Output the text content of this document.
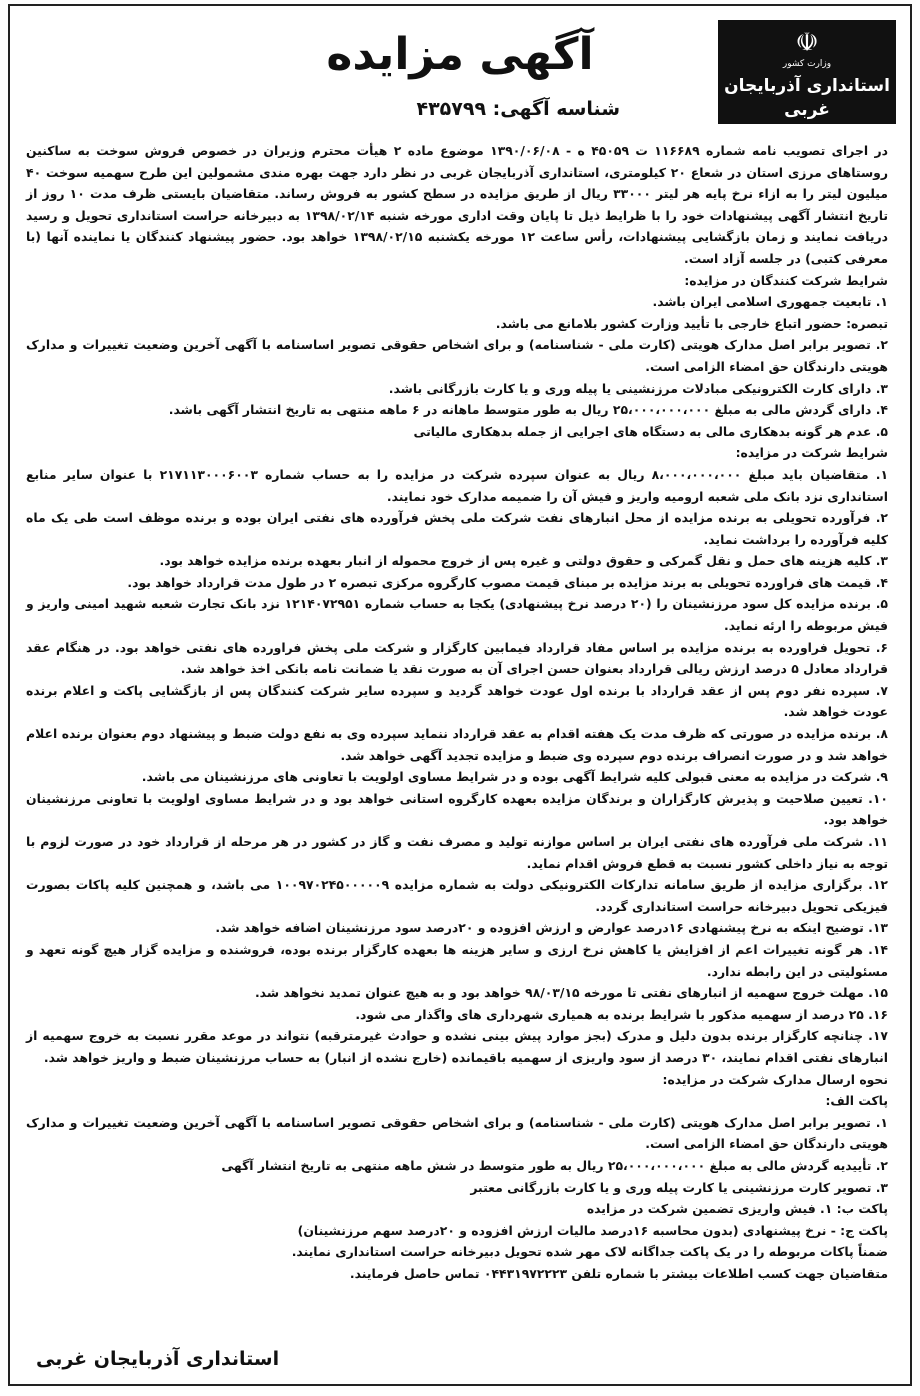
☫
وزارت کشور
استانداری آذربایجان غربی
آگهی مزایده
شناسه آگهی: ۴۳۵۷۹۹

در اجرای تصویب نامه شماره ۱۱۶۶۸۹ ت ۴۵۰۵۹ ه - ۱۳۹۰/۰۶/۰۸ موضوع ماده ۲ هیأت محترم وزیران در خصوص فروش سوخت به ساکنین روستاهای مرزی استان در شعاع ۲۰ کیلومتری، استانداری آذربایجان غربی در نظر دارد جهت بهره مندی مشمولین این طرح سهمیه سوخت ۴۰ میلیون لیتر را به ازاء نرخ پایه هر لیتر ۳۳۰۰۰ ریال از طریق مزایده در سطح کشور به فروش رساند. متقاضیان بایستی ظرف مدت ۱۰ روز از تاریخ انتشار آگهی پیشنهادات خود را با ظرایط ذیل تا پایان وقت اداری مورخه شنبه ۱۳۹۸/۰۲/۱۴ به دبیرخانه حراست استانداری تحویل و رسید دریافت نمایند و زمان بازگشایی پیشنهادات، رأس ساعت ۱۲ مورخه یکشنبه ۱۳۹۸/۰۲/۱۵ خواهد بود. حضور پیشنهاد کنندگان یا نماینده آنها (با معرفی کتبی) در جلسه آزاد است.

شرایط شرکت کنندگان در مزایده:

۱. تابعیت جمهوری اسلامی ایران باشد.

تبصره: حضور اتباع خارجی با تأیید وزارت کشور بلامانع می باشد.

۲. تصویر برابر اصل مدارک هویتی (کارت ملی - شناسنامه) و برای اشخاص حقوقی تصویر اساسنامه با آگهی آخرین وضعیت تغییرات و مدارک هویتی دارندگان حق امضاء الزامی است.

۳. دارای کارت الکترونیکی مبادلات مرزنشینی یا پیله وری و یا کارت بازرگانی باشد.

۴. دارای گردش مالی به مبلغ ۲۵،۰۰۰،۰۰۰،۰۰۰ ریال به طور متوسط ماهانه در ۶ ماهه منتهی به تاریخ انتشار آگهی باشد.

۵. عدم هر گونه بدهکاری مالی به دستگاه های اجرایی از جمله بدهکاری مالیاتی

شرایط شرکت در مزایده:

۱. متقاضیان باید مبلغ ۸،۰۰۰،۰۰۰،۰۰۰ ریال به عنوان سپرده شرکت در مزایده را به حساب شماره ۲۱۷۱۱۳۰۰۰۶۰۰۳ با عنوان سایر منابع استانداری نزد بانک ملی شعبه ارومیه واریز و فیش آن را ضمیمه مدارک خود نمایند.

۲. فرآورده تحویلی به برنده مزایده از محل انبارهای نفت شرکت ملی پخش فرآورده های نفتی ایران بوده و برنده موظف است طی یک ماه کلیه فرآورده را برداشت نماید.

۳. کلیه هزینه های حمل و نقل گمرکی و حقوق دولتی و غیره پس از خروج محموله از انبار بعهده برنده مزایده خواهد بود.

۴. قیمت های فراورده تحویلی به برند مزایده بر مبنای قیمت مصوب کارگروه مرکزی تبصره ۲ در طول مدت قرارداد خواهد بود.

۵. برنده مزایده کل سود مرزنشینان را (۲۰ درصد نرخ پیشنهادی) یکجا به حساب شماره ۱۲۱۴۰۷۲۹۵۱ نزد بانک تجارت شعبه شهید امینی واریز و فیش مربوطه را ارئه نماید.

۶. تحویل فراورده به برنده مزایده بر اساس مفاد قرارداد فیمابین کارگزار و شرکت ملی پخش فراورده های نفتی خواهد بود. در هنگام عقد قرارداد معادل ۵ درصد ارزش ریالی قرارداد بعنوان حسن اجرای آن به صورت نقد یا ضمانت نامه بانکی اخذ خواهد شد.

۷. سپرده نفر دوم پس از عقد قرارداد با برنده اول عودت خواهد گردید و سپرده سایر شرکت کنندگان پس از بازگشایی پاکت و اعلام برنده عودت خواهد شد.

۸. برنده مزایده در صورتی که ظرف مدت یک هفته اقدام به عقد قرارداد ننماید سپرده وی به نفع دولت ضبط و پیشنهاد دوم بعنوان برنده اعلام خواهد شد و در صورت انصراف برنده دوم سپرده وی ضبط و مزایده تجدید آگهی خواهد شد.

۹. شرکت در مزایده به معنی قبولی کلیه شرایط آگهی بوده و در شرایط مساوی اولویت با تعاونی های مرزنشینان می باشد.

۱۰. تعیین صلاحیت و پذیرش کارگزاران و برندگان مزایده بعهده کارگروه استانی خواهد بود و در شرایط مساوی اولویت با تعاونی مرزنشینان خواهد بود.

۱۱. شرکت ملی فرآورده های نفتی ایران بر اساس موازنه تولید و مصرف نفت و گاز در کشور در هر مرحله از قرارداد خود در صورت لزوم با توجه به نیاز داخلی کشور نسبت به قطع فروش اقدام نماید.

۱۲. برگزاری مزایده از طریق سامانه تدارکات الکترونیکی دولت به شماره مزایده ۱۰۰۹۷۰۲۴۵۰۰۰۰۰۹ می باشد، و همچنین کلیه پاکات بصورت فیزیکی تحویل دبیرخانه حراست استانداری گردد.

۱۳. توضیح اینکه به نرخ پیشنهادی ۱۶درصد عوارض و ارزش افزوده و ۲۰درصد سود مرزنشینان اضافه خواهد شد.

۱۴. هر گونه تغییرات اعم از افزایش یا کاهش نرخ ارزی و سایر هزینه ها بعهده کارگزار برنده بوده، فروشنده و مزایده گزار هیچ گونه تعهد و مسئولیتی در این رابطه ندارد.

۱۵. مهلت خروج سهمیه از انبارهای نفتی تا مورخه ۹۸/۰۳/۱۵ خواهد بود و به هیچ عنوان تمدید نخواهد شد.

۱۶. ۲۵ درصد از سهمیه مذکور با شرایط برنده به همیاری شهرداری های واگذار می شود.

۱۷. چنانچه کارگزار برنده بدون دلیل و مدرک (بجز موارد پیش بینی نشده و حوادث غیرمترقبه) نتواند در موعد مقرر نسبت به خروج سهمیه از انبارهای نفتی اقدام نمایند، ۳۰ درصد از سود واریزی از سهمیه باقیمانده (خارج نشده از انبار) به حساب مرزنشینان ضبط و واریز خواهد شد.

نحوه ارسال مدارک شرکت در مزایده:

پاکت الف:

۱. تصویر برابر اصل مدارک هویتی (کارت ملی - شناسنامه) و برای اشخاص حقوقی تصویر اساسنامه با آگهی آخرین وضعیت تغییرات و مدارک هویتی دارندگان حق امضاء الزامی است.

۲. تأییدیه گردش مالی به مبلغ ۲۵،۰۰۰،۰۰۰،۰۰۰ ریال به طور متوسط در شش ماهه منتهی به تاریخ انتشار آگهی

۳. تصویر کارت مرزنشینی یا کارت پیله وری و یا کارت بازرگانی معتبر

پاکت ب: ۱. فیش واریزی تضمین شرکت در مزایده

پاکت ج: - نرخ پیشنهادی (بدون محاسبه ۱۶درصد مالیات ارزش افزوده و ۲۰درصد سهم مرزنشینان)

ضمناً پاکات مربوطه را در یک پاکت جداگانه لاک مهر شده تحویل دبیرخانه حراست استانداری نمایند.

متقاضیان جهت کسب اطلاعات بیشتر با شماره تلفن ۰۴۴۳۱۹۷۲۲۲۳ تماس حاصل فرمایند.

استانداری آذربایجان غربی
